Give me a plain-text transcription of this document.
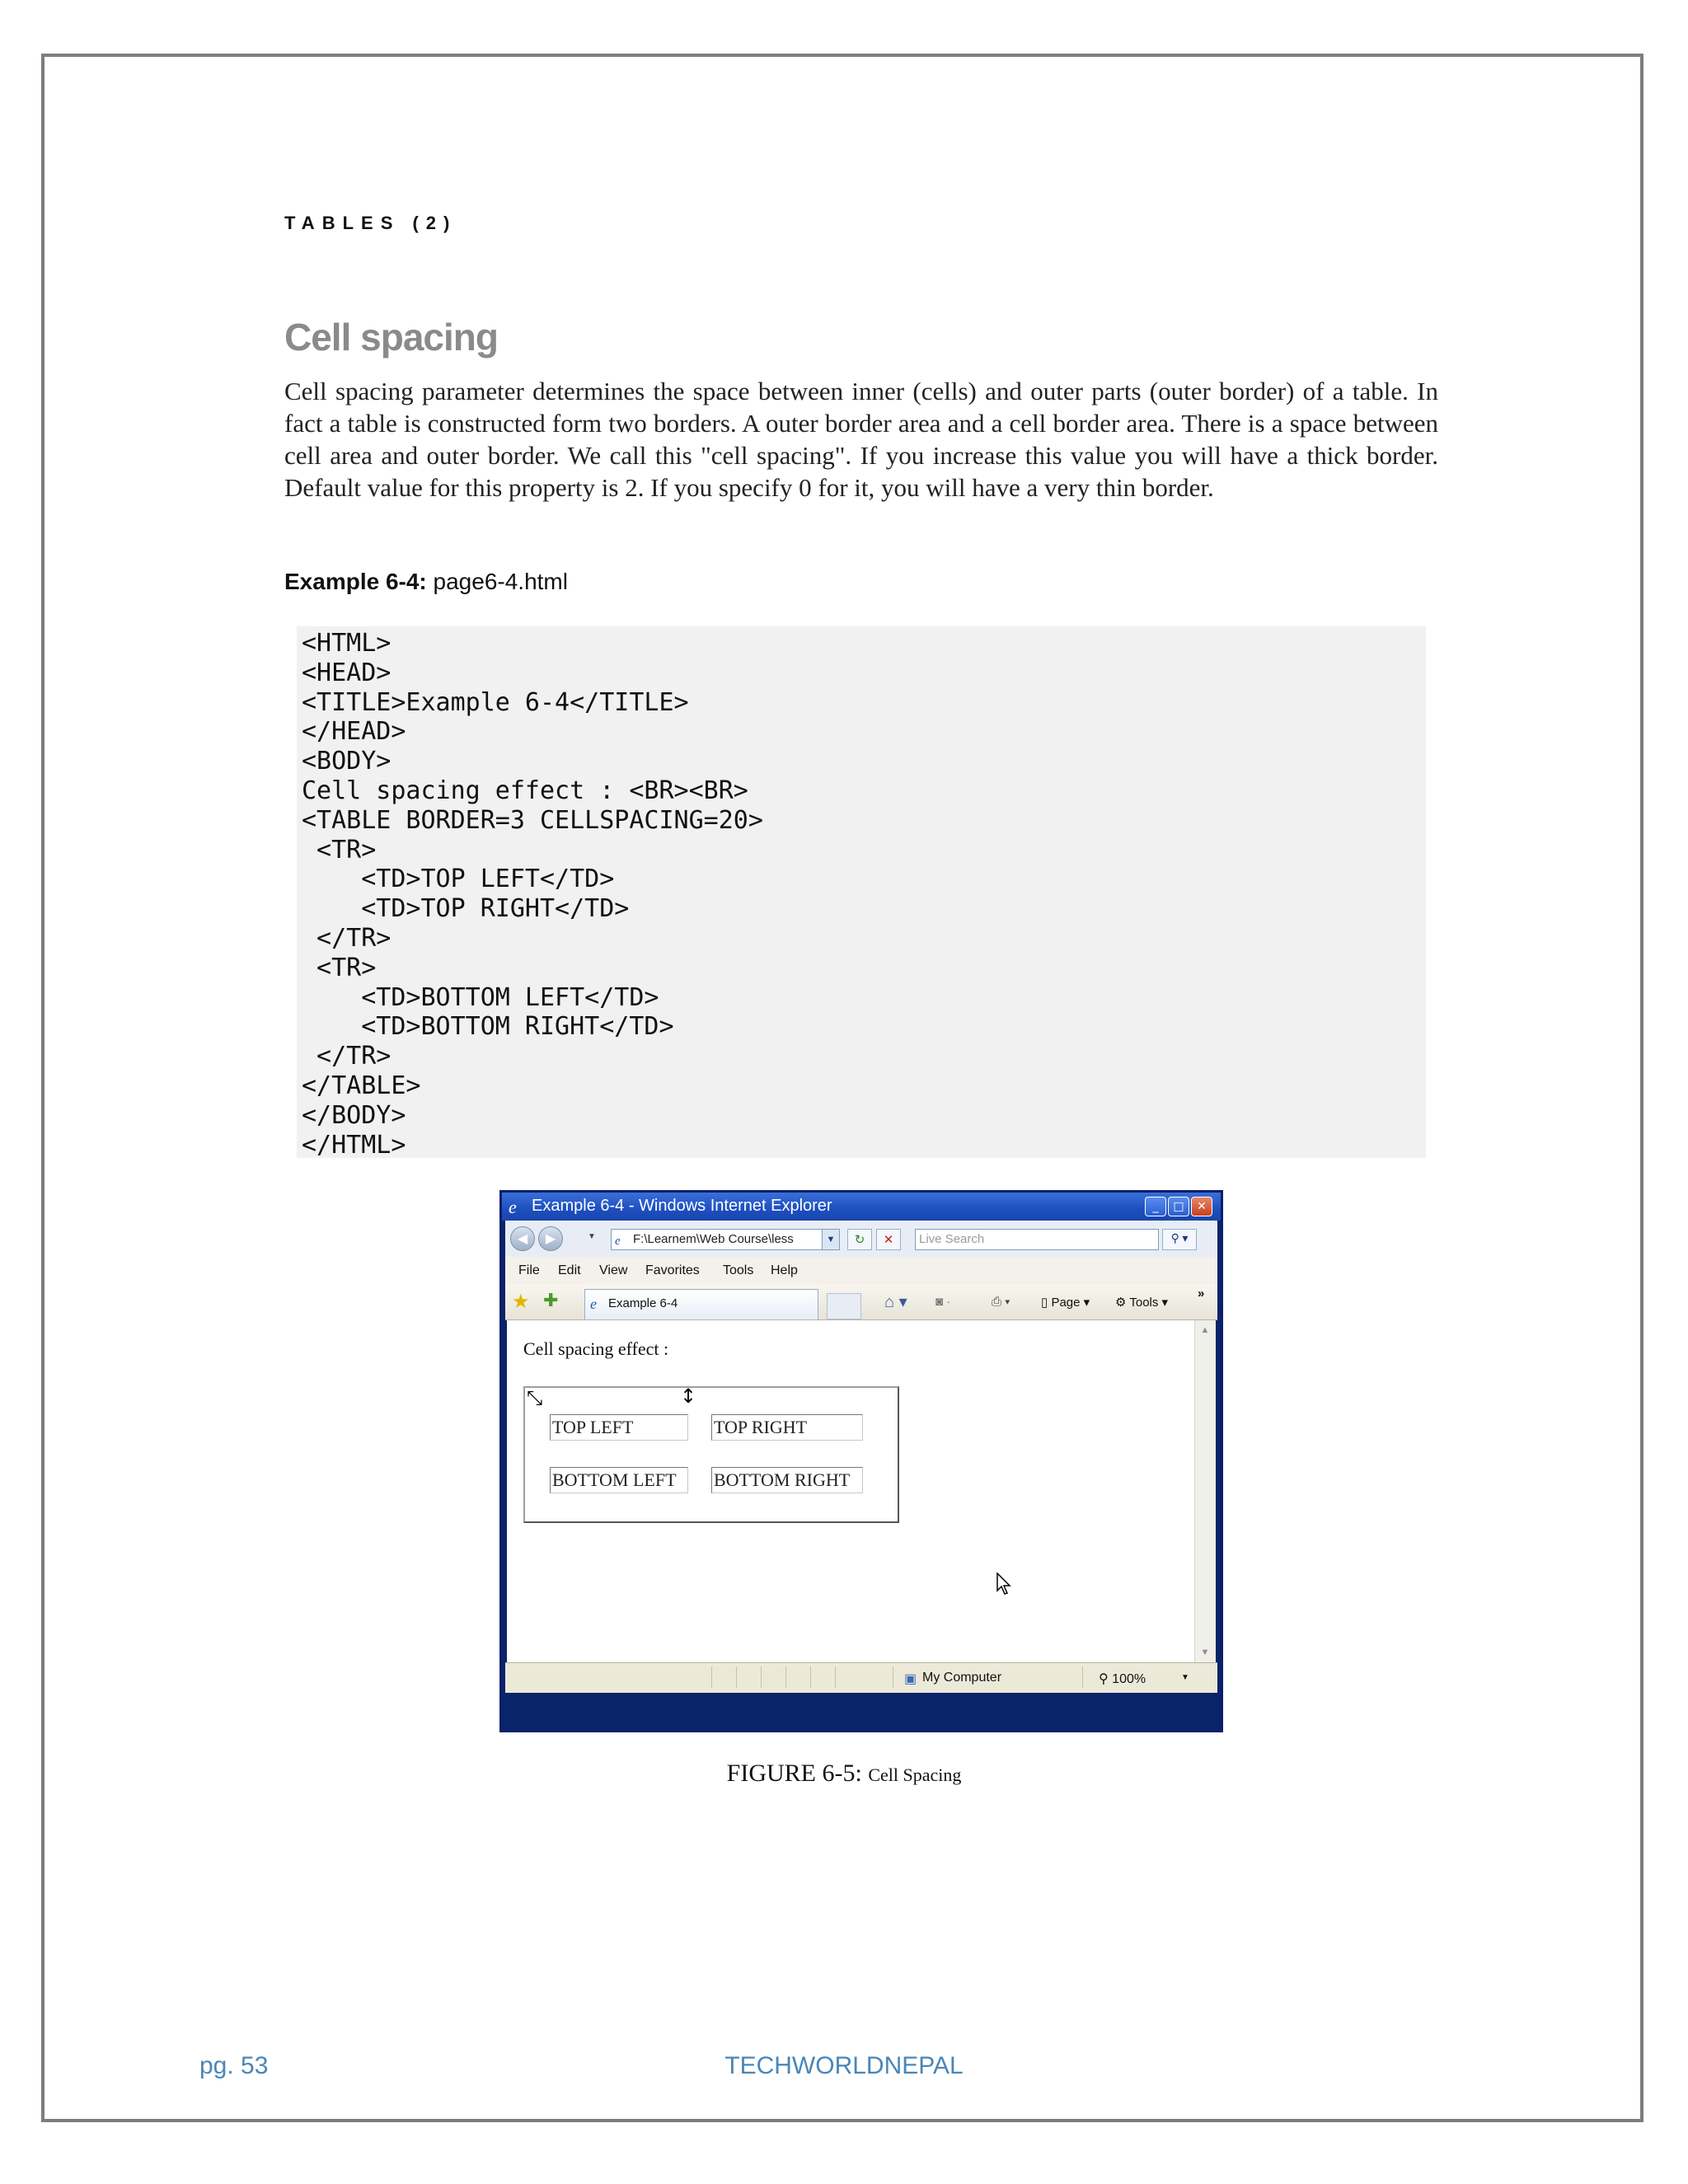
TABLES (2)
Cell spacing
Cell spacing parameter determines the space between inner (cells) and outer parts (outer border) of a table. In fact a table is constructed form two borders. A outer border area and a cell border area. There is a space between cell area and outer border. We call this "cell spacing". If you increase this value you will have a thick border. Default value for this property is 2. If you specify 0 for it, you will have a very thin border.
Example 6-4: page6-4.html
<HTML>
<HEAD>
<TITLE>Example 6-4</TITLE>
</HEAD>
<BODY>
Cell spacing effect : <BR><BR>
<TABLE BORDER=3 CELLSPACING=20>
<TR>
<TD>TOP LEFT</TD>
<TD>TOP RIGHT</TD>
</TR>
<TR>
<TD>BOTTOM LEFT</TD>
<TD>BOTTOM RIGHT</TD>
</TR>
</TABLE>
</BODY>
</HTML>
e Example 6-4 - Windows Internet Explorer	_	□	✕
◀	▶	▼ e F:\Learnem\Web Course\less	▼	↻	✕	Live Search	⚲ ▾
File Edit View Favorites Tools Help
★ ✚ e Example 6-4	⌂ ▾ ◙ ·	⎙ ▾	▯ Page ▾ ⚙ Tools ▾
»
Cell spacing effect :
⤡	↕
TOP LEFT	TOP RIGHT
BOTTOM LEFT	BOTTOM RIGHT
▲
▼
▣ My Computer	⚲ 100%	▼
FIGURE 6-5: Cell Spacing
pg. 53	TECHWORLDNEPAL
